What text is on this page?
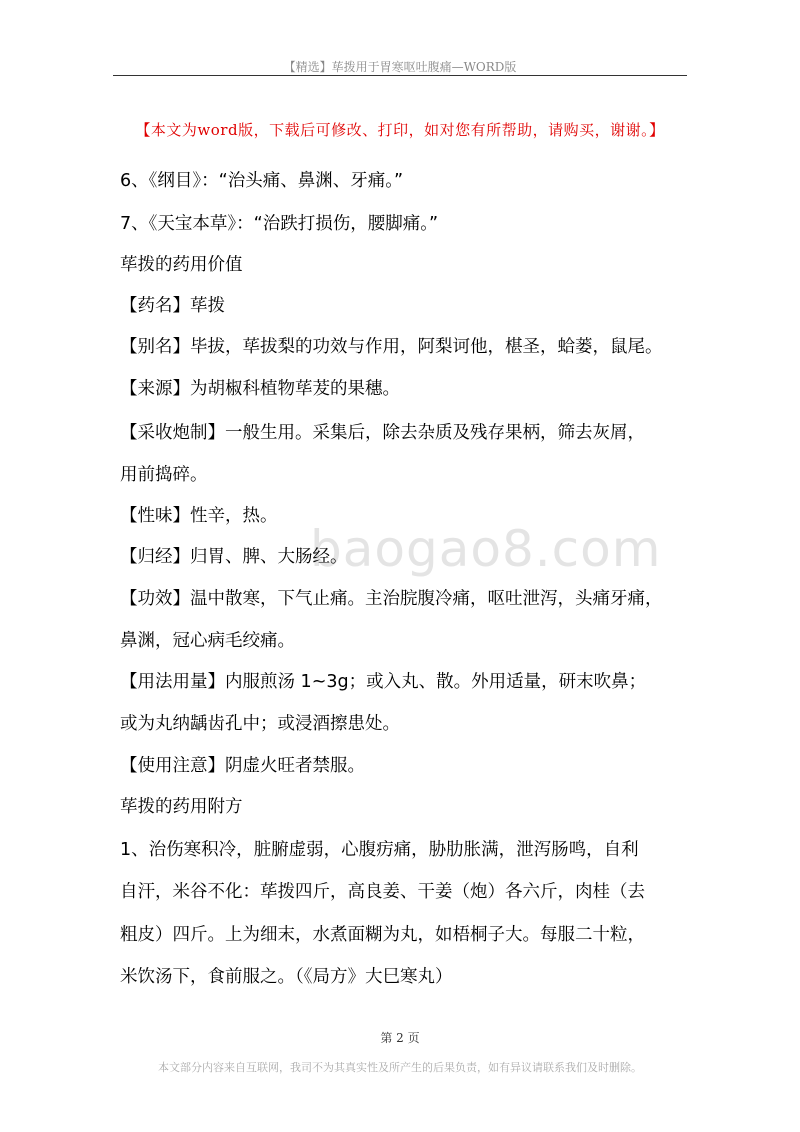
【精选】荜拨用于胃寒呕吐腹痛—WORD版
【本文为word版，下载后可修改、打印，如对您有所帮助，请购买，谢谢。】
baogao8.com
6、《纲目》：“治头痛、鼻渊、牙痛。”
7、《天宝本草》：“治跌打损伤，腰脚痛。”
荜拨的药用价值
【药名】荜拨
【别名】毕拔，荜拔梨的功效与作用，阿梨诃他，椹圣，蛤蒌，鼠尾。
【来源】为胡椒科植物荜茇的果穗。
【采收炮制】一般生用。采集后，除去杂质及残存果柄，筛去灰屑，
用前捣碎。
【性味】性辛，热。
【归经】归胃、脾、大肠经。
【功效】温中散寒，下气止痛。主治脘腹冷痛，呕吐泄泻，头痛牙痛，
鼻渊，冠心病毛绞痛。
【用法用量】内服煎汤 1~3g；或入丸、散。外用适量，研末吹鼻；
或为丸纳龋齿孔中；或浸酒擦患处。
【使用注意】阴虚火旺者禁服。
荜拨的药用附方
1、治伤寒积冷，脏腑虚弱，心腹疠痛，胁肋胀满，泄泻肠鸣，自利
自汗，米谷不化：荜拨四斤，高良姜、干姜（炮）各六斤，肉桂（去
粗皮）四斤。上为细末，水煮面糊为丸，如梧桐子大。每服二十粒，
米饮汤下，食前服之。（《局方》大巳寒丸）
第 2 页
本文部分内容来自互联网，我司不为其真实性及所产生的后果负责，如有异议请联系我们及时删除。
